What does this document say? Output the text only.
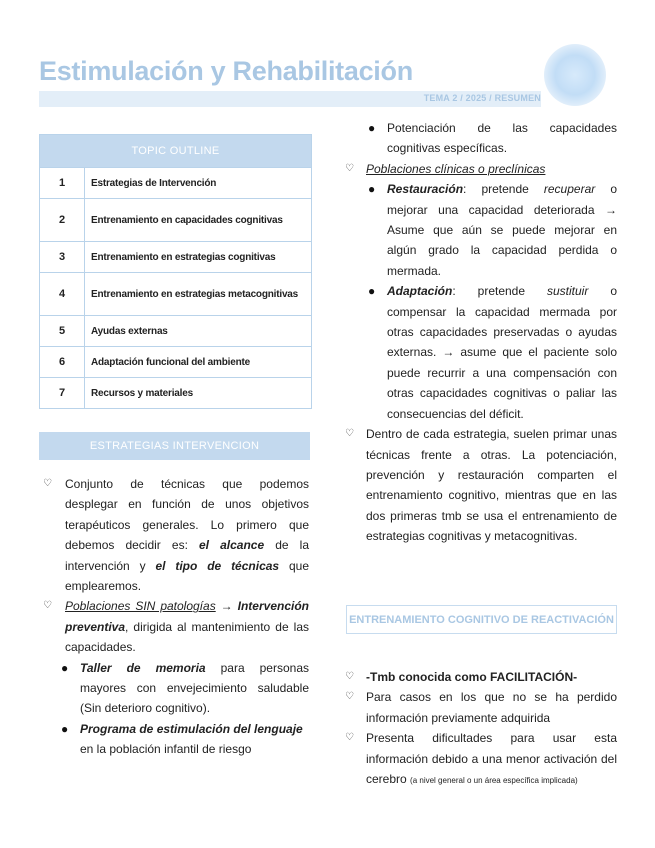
Estimulación y Rehabilitación
TEMA 2 / 2025 / RESUMEN
TOPIC OUTLINE
1	Estrategias de Intervención
2	Entrenamiento en capacidades cognitivas
3	Entrenamiento en estrategias cognitivas
4	Entrenamiento en estrategias metacognitivas
5	Ayudas externas
6	Adaptación funcional del ambiente
7	Recursos y materiales
ESTRATEGIAS INTERVENCION
♡ Conjunto de técnicas que podemos desplegar en función de unos objetivos terapéuticos generales. Lo primero que debemos decidir es: el alcance de la intervención y el tipo de técnicas que emplearemos.
♡ Poblaciones SIN patologías → Intervención preventiva, dirigida al mantenimiento de las capacidades.
● Taller de memoria para personas mayores con envejecimiento saludable (Sin deterioro cognitivo).
● Programa de estimulación del lenguaje en la población infantil de riesgo
● Potenciación de las capacidades cognitivas específicas.
♡ Poblaciones clínicas o preclínicas
● Restauración: pretende recuperar o mejorar una capacidad deteriorada → Asume que aún se puede mejorar en algún grado la capacidad perdida o mermada.
● Adaptación: pretende sustituir o compensar la capacidad mermada por otras capacidades preservadas o ayudas externas. → asume que el paciente solo puede recurrir a una compensación con otras capacidades cognitivas o paliar las consecuencias del déficit.
♡ Dentro de cada estrategia, suelen primar unas técnicas frente a otras. La potenciación, prevención y restauración comparten el entrenamiento cognitivo, mientras que en las dos primeras tmb se usa el entrenamiento de estrategias cognitivas y metacognitivas.
ENTRENAMIENTO COGNITIVO DE REACTIVACIÓN
♡ -Tmb conocida como FACILITACIÓN-
♡ Para casos en los que no se ha perdido información previamente adquirida
♡ Presenta dificultades para usar esta información debido a una menor activación del cerebro (a nivel general o un área específica implicada)
